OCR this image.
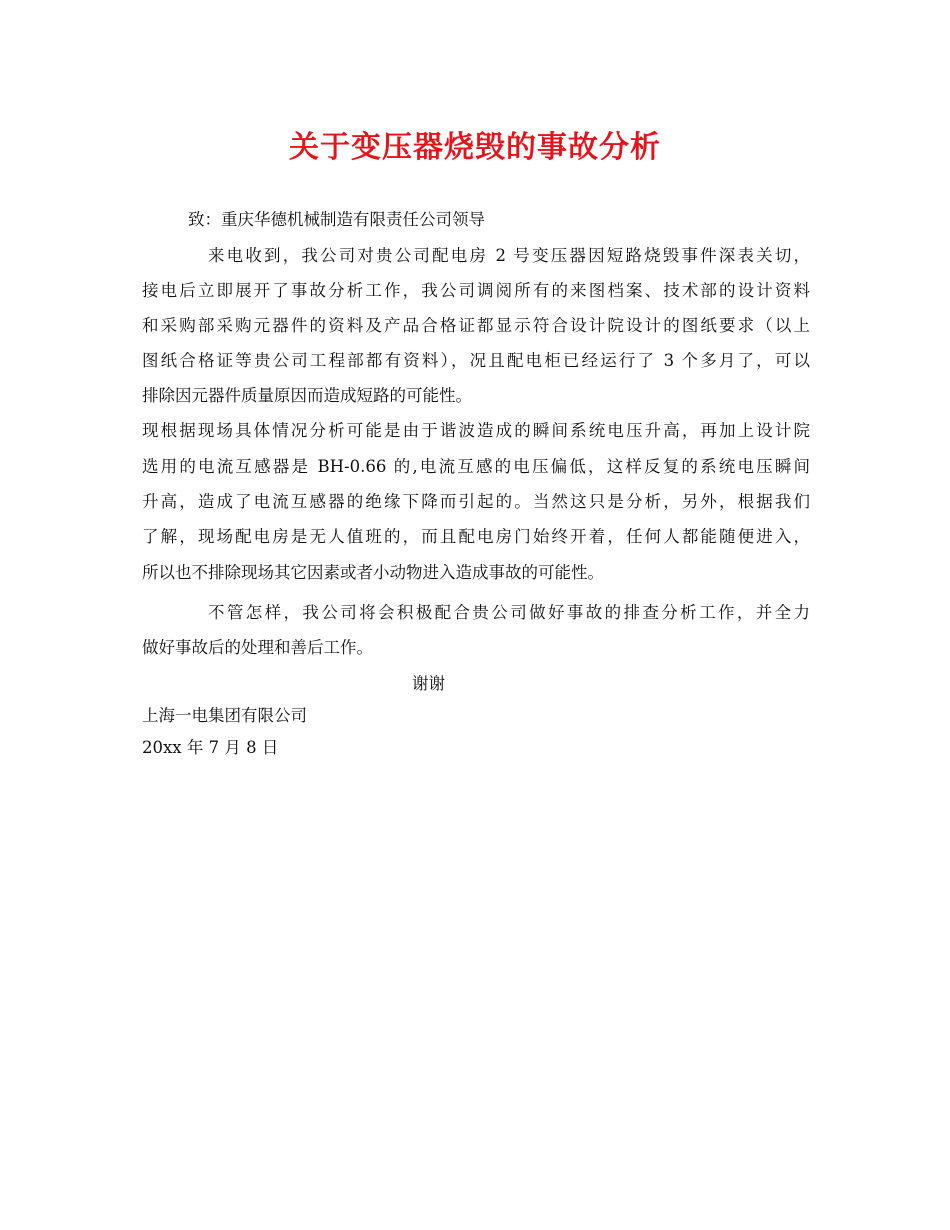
关于变压器烧毁的事故分析
致：重庆华德机械制造有限责任公司领导
来电收到，我公司对贵公司配电房 2 号变压器因短路烧毁事件深表关切，
接电后立即展开了事故分析工作，我公司调阅所有的来图档案、技术部的设计资料
和采购部采购元器件的资料及产品合格证都显示符合设计院设计的图纸要求（以上
图纸合格证等贵公司工程部都有资料），况且配电柜已经运行了 3 个多月了，可以
排除因元器件质量原因而造成短路的可能性。
现根据现场具体情况分析可能是由于谐波造成的瞬间系统电压升高，再加上设计院
选用的电流互感器是 BH-0.66 的,电流互感的电压偏低，这样反复的系统电压瞬间
升高，造成了电流互感器的绝缘下降而引起的。当然这只是分析，另外，根据我们
了解，现场配电房是无人值班的，而且配电房门始终开着，任何人都能随便进入，
所以也不排除现场其它因素或者小动物进入造成事故的可能性。
不管怎样，我公司将会积极配合贵公司做好事故的排查分析工作，并全力
做好事故后的处理和善后工作。
谢谢
上海一电集团有限公司
20xx 年 7 月 8 日
